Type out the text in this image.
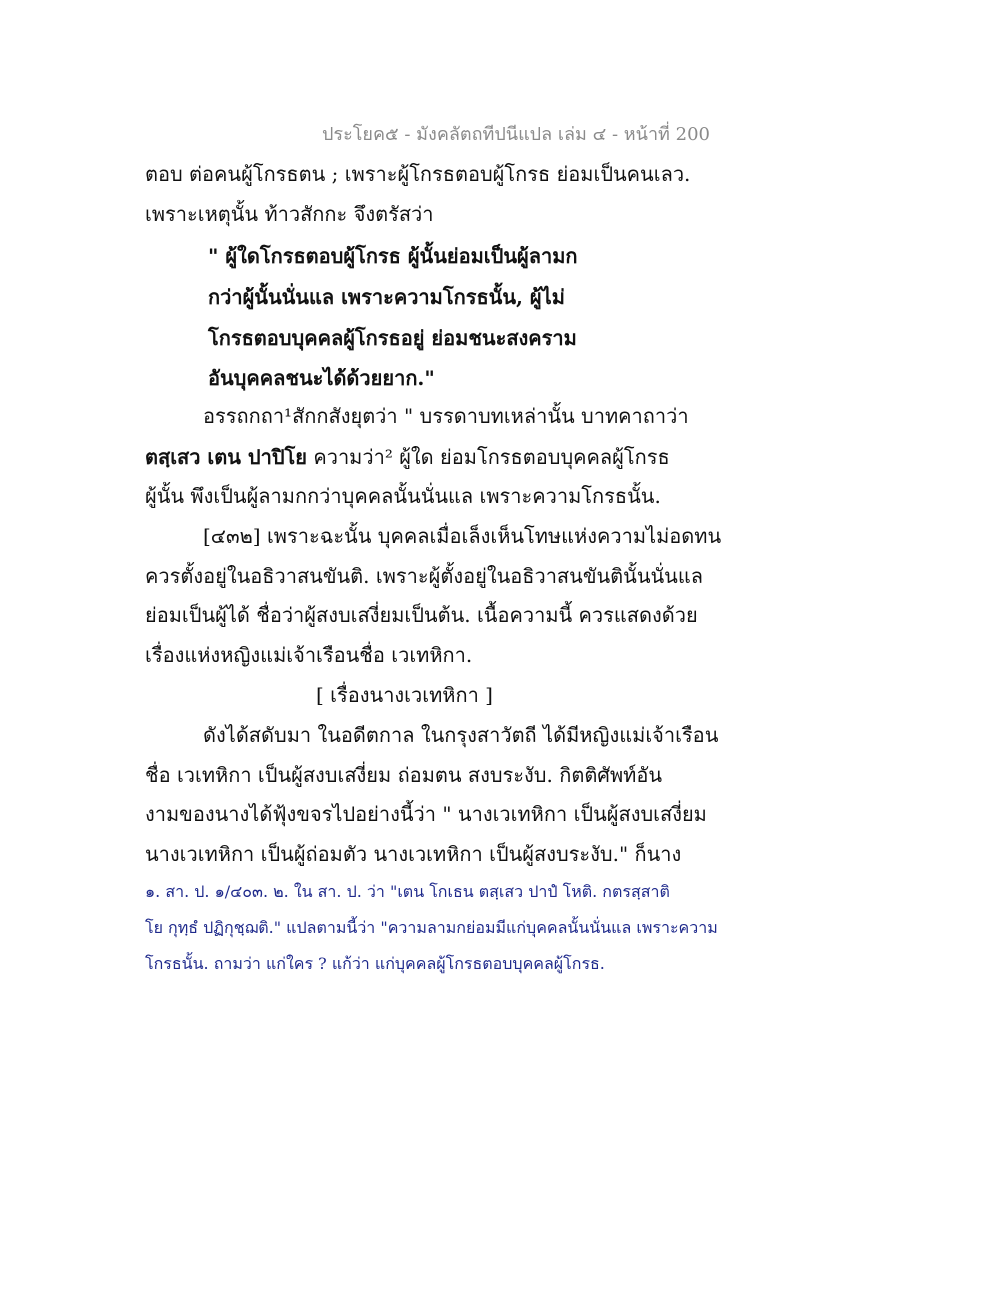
ประโยค๕ - มังคลัตถทีปนีแปล เล่ม ๔ - หน้าที่ 200
ตอบ ต่อคนผู้โกรธตน ; เพราะผู้โกรธตอบผู้โกรธ ย่อมเป็นคนเลว.
เพราะเหตุนั้น ท้าวสักกะ จึงตรัสว่า
" ผู้ใดโกรธตอบผู้โกรธ ผู้นั้นย่อมเป็นผู้ลามก
กว่าผู้นั้นนั่นแล เพราะความโกรธนั้น, ผู้ไม่
โกรธตอบบุคคลผู้โกรธอยู่ ย่อมชนะสงคราม
อันบุคคลชนะได้ด้วยยาก."
อรรถกถา¹สักกสังยุตว่า " บรรดาบทเหล่านั้น บาทคาถาว่า
ตสฺเสว เตน ปาปิโย ความว่า² ผู้ใด ย่อมโกรธตอบบุคคลผู้โกรธ
ผู้นั้น พึงเป็นผู้ลามกกว่าบุคคลนั้นนั่นแล เพราะความโกรธนั้น.
[๔๓๒] เพราะฉะนั้น บุคคลเมื่อเล็งเห็นโทษแห่งความไม่อดทน
ควรตั้งอยู่ในอธิวาสนขันติ. เพราะผู้ตั้งอยู่ในอธิวาสนขันตินั้นนั่นแล
ย่อมเป็นผู้ได้ ชื่อว่าผู้สงบเสงี่ยมเป็นต้น. เนื้อความนี้ ควรแสดงด้วย
เรื่องแห่งหญิงแม่เจ้าเรือนชื่อ เวเทหิกา.
[ เรื่องนางเวเทหิกา ]
ดังได้สดับมา ในอดีตกาล ในกรุงสาวัตถี ได้มีหญิงแม่เจ้าเรือน
ชื่อ เวเทหิกา เป็นผู้สงบเสงี่ยม ถ่อมตน สงบระงับ. กิตติศัพท์อัน
งามของนางได้ฟุ้งขจรไปอย่างนี้ว่า " นางเวเทหิกา เป็นผู้สงบเสงี่ยม
นางเวเทหิกา เป็นผู้ถ่อมตัว นางเวเทหิกา เป็นผู้สงบระงับ." ก็นาง
๑. สา. ป. ๑/๔๐๓. ๒. ใน สา. ป. ว่า "เตน โกเธน ตสฺเสว ปาปํ โหติ. กตรสฺสาติ
โย กุทฺธํ ปฏิกุชฺฌติ." แปลตามนี้ว่า "ความลามกย่อมมีแก่บุคคลนั้นนั่นแล เพราะความ
โกรธนั้น. ถามว่า แก่ใคร ? แก้ว่า แก่บุคคลผู้โกรธตอบบุคคลผู้โกรธ.
